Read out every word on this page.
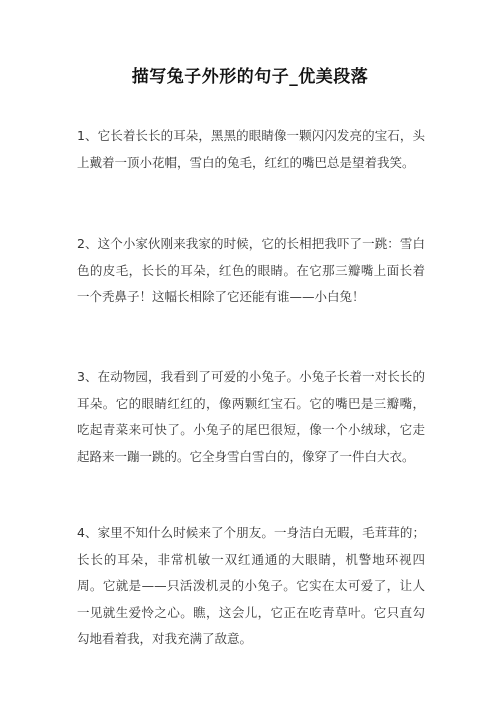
描写兔子外形的句子_优美段落

1、它长着长长的耳朵，黑黑的眼睛像一颗闪闪发亮的宝石，头上戴着一顶小花帽，雪白的兔毛，红红的嘴巴总是望着我笑。

2、这个小家伙刚来我家的时候，它的长相把我吓了一跳：雪白色的皮毛，长长的耳朵，红色的眼睛。在它那三瓣嘴上面长着一个秃鼻子！这幅长相除了它还能有谁——小白兔！

3、在动物园，我看到了可爱的小兔子。小兔子长着一对长长的耳朵。它的眼睛红红的，像两颗红宝石。它的嘴巴是三瓣嘴，吃起青菜来可快了。小兔子的尾巴很短，像一个小绒球，它走起路来一蹦一跳的。它全身雪白雪白的，像穿了一件白大衣。

4、家里不知什么时候来了个朋友。一身洁白无暇，毛茸茸的；长长的耳朵，非常机敏一双红通通的大眼睛，机警地环视四周。它就是——只活泼机灵的小兔子。它实在太可爱了，让人一见就生爱怜之心。瞧，这会儿，它正在吃青草叶。它只直勾勾地看着我，对我充满了敌意。
